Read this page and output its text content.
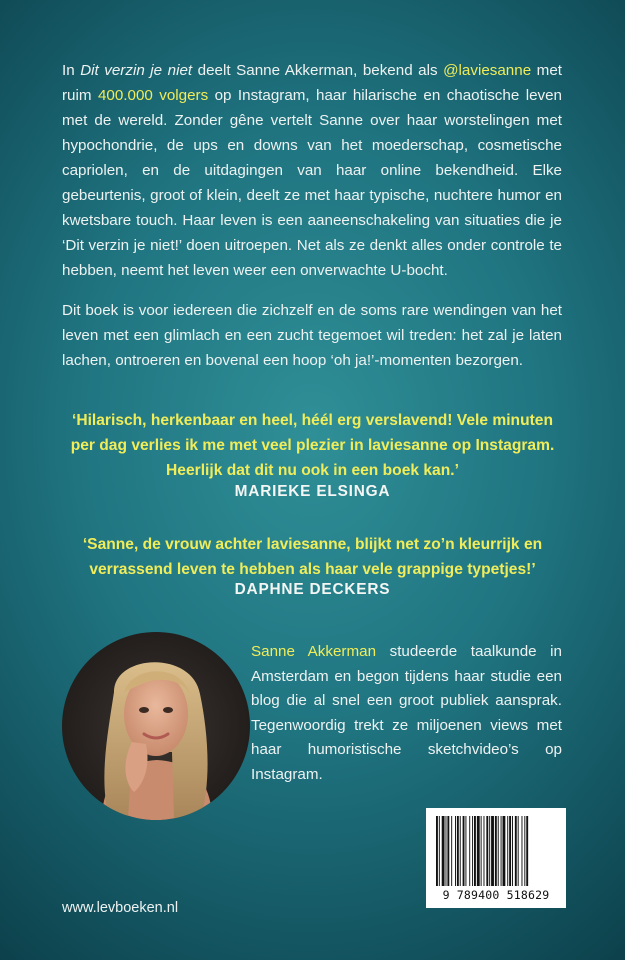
In Dit verzin je niet deelt Sanne Akkerman, bekend als @laviesanne met ruim 400.000 volgers op Instagram, haar hilarische en chaotische leven met de wereld. Zonder gêne vertelt Sanne over haar worstelingen met hypochondrie, de ups en downs van het moederschap, cosmetische capriolen, en de uitdagingen van haar online bekendheid. Elke gebeurtenis, groot of klein, deelt ze met haar typische, nuchtere humor en kwetsbare touch. Haar leven is een aaneenschakeling van situaties die je ‘Dit verzin je niet!’ doen uitroepen. Net als ze denkt alles onder controle te hebben, neemt het leven weer een onverwachte U-bocht.

Dit boek is voor iedereen die zichzelf en de soms rare wendingen van het leven met een glimlach en een zucht tegemoet wil treden: het zal je laten lachen, ontroeren en bovenal een hoop ‘oh ja!’-momenten bezorgen.

‘Hilarisch, herkenbaar en heel, héél erg verslavend! Vele minuten
per dag verlies ik me met veel plezier in laviesanne op Instagram.
Heerlijk dat dit nu ook in een boek kan.’

MARIEKE ELSINGA

‘Sanne, de vrouw achter laviesanne, blijkt net zo’n kleurrijk en
verrassend leven te hebben als haar vele grappige typetjes!’

DAPHNE DECKERS

Sanne Akkerman studeerde taalkunde in Amsterdam en begon tijdens haar studie een blog die al snel een groot publiek aansprak. Tegenwoordig trekt ze miljoenen views met haar humoristische sketchvideo’s op Instagram.

www.levboeken.nl
9 789400 518629
